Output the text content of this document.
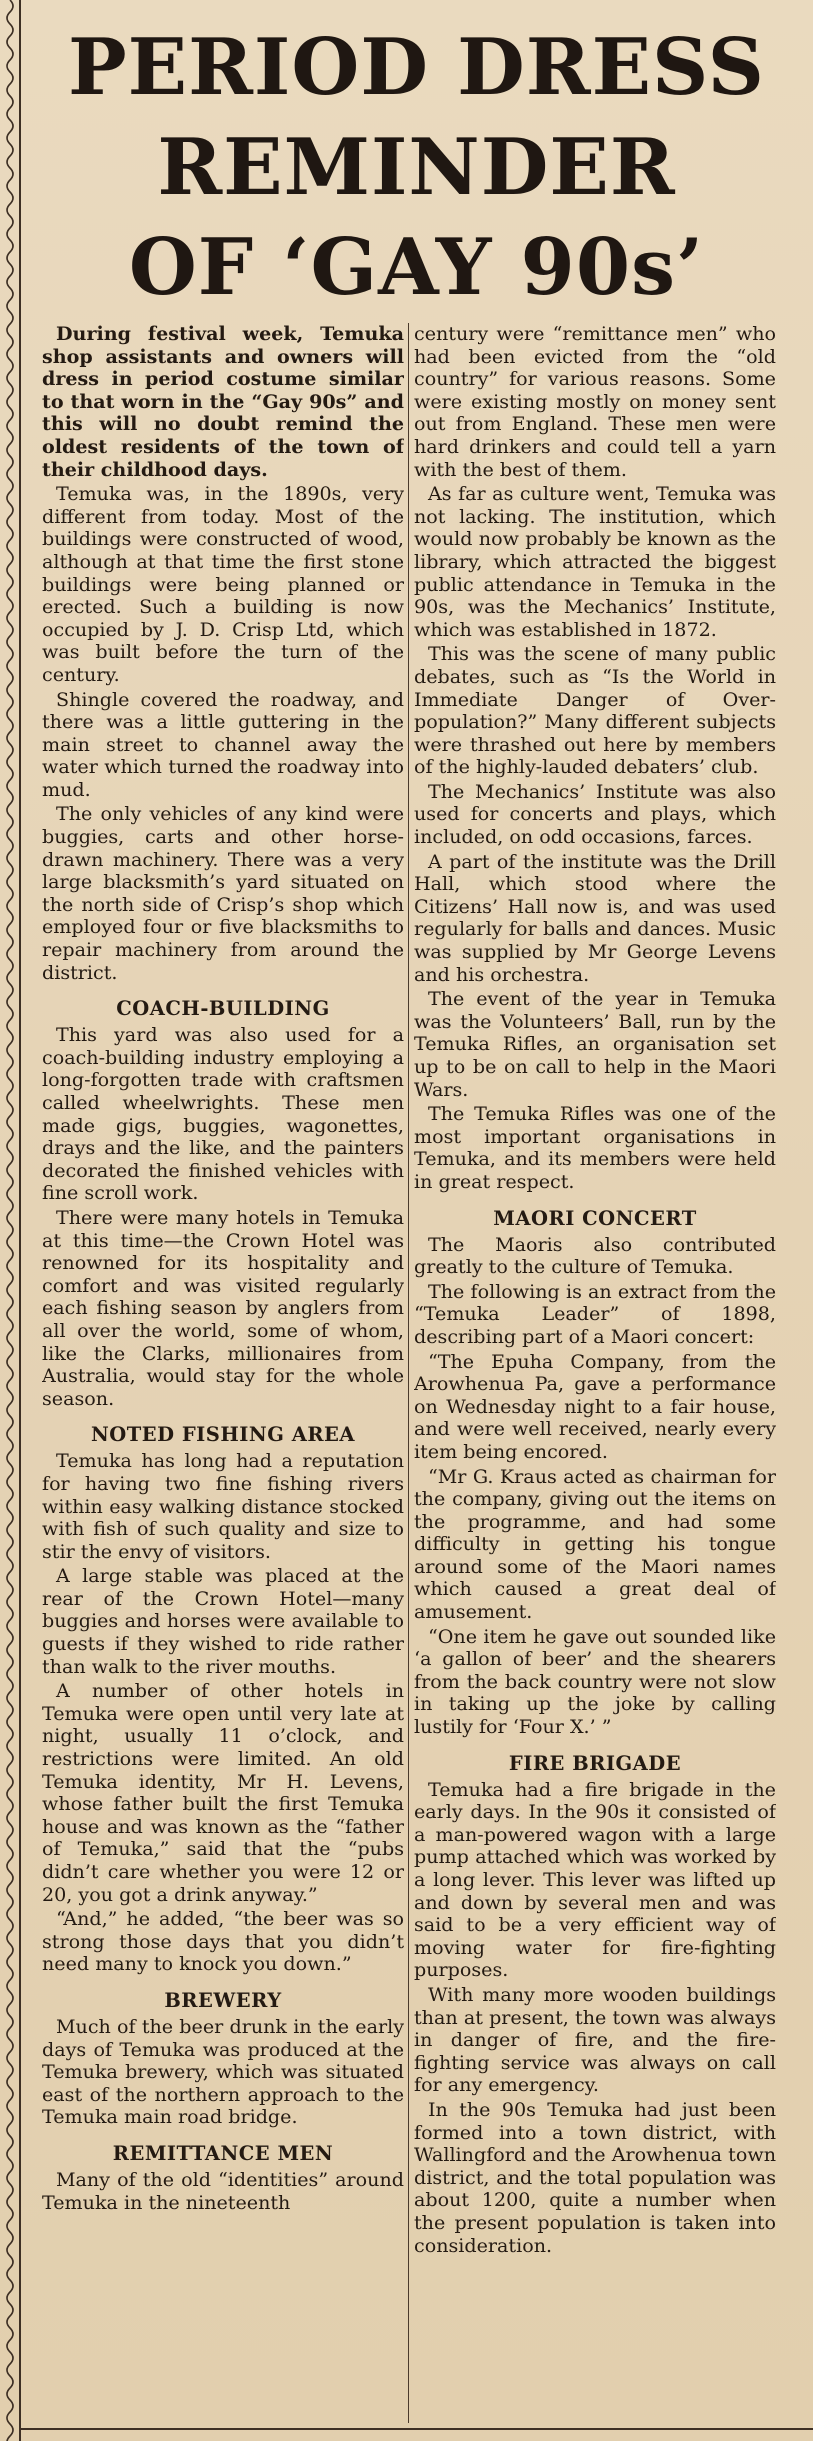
PERIOD DRESS
REMINDER
OF ‘GAY 90s’

During festival week, Temuka shop assistants and owners will dress in period costume similar to that worn in the “Gay 90s” and this will no doubt remind the oldest residents of the town of their childhood days.

Temuka was, in the 1890s, very different from today. Most of the buildings were constructed of wood, although at that time the first stone buildings were being planned or erected. Such a building is now occupied by J. D. Crisp Ltd, which was built before the turn of the century.

Shingle covered the roadway, and there was a little guttering in the main street to channel away the water which turned the roadway into mud.

The only vehicles of any kind were buggies, carts and other horse-drawn machinery. There was a very large blacksmith’s yard situated on the north side of Crisp’s shop which employed four or five blacksmiths to repair machinery from around the district.

COACH-BUILDING

This yard was also used for a coach-building industry employing a long-forgotten trade with craftsmen called wheelwrights. These men made gigs, buggies, wagonettes, drays and the like, and the painters decorated the finished vehicles with fine scroll work.

There were many hotels in Temuka at this time—the Crown Hotel was renowned for its hospitality and comfort and was visited regularly each fishing season by anglers from all over the world, some of whom, like the Clarks, millionaires from Australia, would stay for the whole season.

NOTED FISHING AREA

Temuka has long had a reputation for having two fine fishing rivers within easy walking distance stocked with fish of such quality and size to stir the envy of visitors.

A large stable was placed at the rear of the Crown Hotel—many buggies and horses were available to guests if they wished to ride rather than walk to the river mouths.

A number of other hotels in Temuka were open until very late at night, usually 11 o’clock, and restrictions were limited. An old Temuka identity, Mr H. Levens, whose father built the first Temuka house and was known as the “father of Temuka,” said that the “pubs didn’t care whether you were 12 or 20, you got a drink anyway.”

“And,” he added, “the beer was so strong those days that you didn’t need many to knock you down.”

BREWERY

Much of the beer drunk in the early days of Temuka was produced at the Temuka brewery, which was situated east of the northern approach to the Temuka main road bridge.

REMITTANCE MEN

Many of the old “identities” around Temuka in the nineteenth

century were “remittance men” who had been evicted from the “old country” for various reasons. Some were existing mostly on money sent out from England. These men were hard drinkers and could tell a yarn with the best of them.

As far as culture went, Temuka was not lacking. The institution, which would now probably be known as the library, which attracted the biggest public attendance in Temuka in the 90s, was the Mechanics’ Institute, which was established in 1872.

This was the scene of many public debates, such as “Is the World in Immediate Danger of Over-population?” Many different subjects were thrashed out here by members of the highly-lauded debaters’ club.

The Mechanics’ Institute was also used for concerts and plays, which included, on odd occasions, farces.

A part of the institute was the Drill Hall, which stood where the Citizens’ Hall now is, and was used regularly for balls and dances. Music was supplied by Mr George Levens and his orchestra.

The event of the year in Temuka was the Volunteers’ Ball, run by the Temuka Rifles, an organisation set up to be on call to help in the Maori Wars.

The Temuka Rifles was one of the most important organisations in Temuka, and its members were held in great respect.

MAORI CONCERT

The Maoris also contributed greatly to the culture of Temuka.

The following is an extract from the “Temuka Leader” of 1898, describing part of a Maori concert:

“The Epuha Company, from the Arowhenua Pa, gave a performance on Wednesday night to a fair house, and were well received, nearly every item being encored.

“Mr G. Kraus acted as chairman for the company, giving out the items on the programme, and had some difficulty in getting his tongue around some of the Maori names which caused a great deal of amusement.

“One item he gave out sounded like ‘a gallon of beer’ and the shearers from the back country were not slow in taking up the joke by calling lustily for ‘Four X.’ ”

FIRE BRIGADE

Temuka had a fire brigade in the early days. In the 90s it consisted of a man-powered wagon with a large pump attached which was worked by a long lever. This lever was lifted up and down by several men and was said to be a very efficient way of moving water for fire-fighting purposes.

With many more wooden buildings than at present, the town was always in danger of fire, and the fire-fighting service was always on call for any emergency.

In the 90s Temuka had just been formed into a town district, with Wallingford and the Arowhenua town district, and the total population was about 1200, quite a number when the present population is taken into consideration.
